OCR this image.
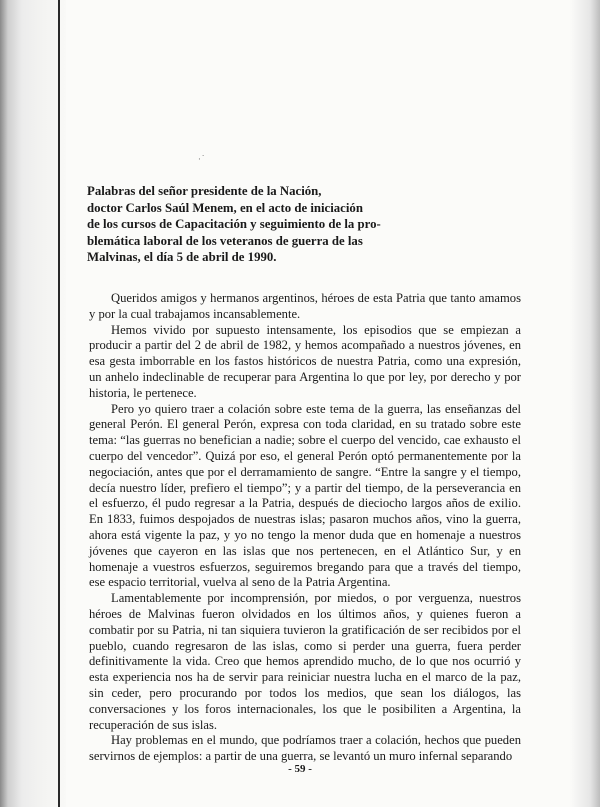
·˙
Palabras del señor presidente de la Nación,
doctor Carlos Saúl Menem, en el acto de iniciación
de los cursos de Capacitación y seguimiento de la pro-
blemática laboral de los veteranos de guerra de las
Malvinas, el día 5 de abril de 1990.

Queridos amigos y hermanos argentinos, héroes de esta Patria que tanto amamos y por la cual trabajamos incansablemente.

Hemos vivido por supuesto intensamente, los episodios que se empiezan a producir a partir del 2 de abril de 1982, y hemos acompañado a nuestros jóvenes, en esa gesta imborrable en los fastos históricos de nuestra Patria, como una expresión, un anhelo indeclinable de recuperar para Argentina lo que por ley, por derecho y por historia, le pertenece.

Pero yo quiero traer a colación sobre este tema de la guerra, las enseñanzas del general Perón. El general Perón, expresa con toda claridad, en su tratado sobre este tema: “las guerras no benefician a nadie; sobre el cuerpo del vencido, cae exhausto el cuerpo del vencedor”. Quizá por eso, el general Perón optó permanentemente por la negociación, antes que por el derramamiento de sangre. “Entre la sangre y el tiempo, decía nuestro líder, prefiero el tiempo”; y a partir del tiempo, de la perseverancia en el esfuerzo, él pudo regresar a la Patria, después de dieciocho largos años de exilio. En 1833, fuimos despojados de nuestras islas; pasaron muchos años, vino la guerra, ahora está vigente la paz, y yo no tengo la menor duda que en homenaje a nuestros jóvenes que cayeron en las islas que nos pertenecen, en el Atlántico Sur, y en homenaje a vuestros esfuerzos, seguiremos bregando para que a través del tiempo, ese espacio territorial, vuelva al seno de la Patria Argentina.

Lamentablemente por incomprensión, por miedos, o por verguenza, nuestros héroes de Malvinas fueron olvidados en los últimos años, y quienes fueron a combatir por su Patria, ni tan siquiera tuvieron la gratificación de ser recibidos por el pueblo, cuando regresaron de las islas, como si perder una guerra, fuera perder definitivamente la vida. Creo que hemos aprendido mucho, de lo que nos ocurrió y esta experiencia nos ha de servir para reiniciar nuestra lucha en el marco de la paz, sin ceder, pero procurando por todos los medios, que sean los diálogos, las conversaciones y los foros internacionales, los que le posibiliten a Argentina, la recuperación de sus islas.

Hay problemas en el mundo, que podríamos traer a colación, hechos que pueden servirnos de ejemplos: a partir de una guerra, se levantó un muro infernal separando

- 59 -
